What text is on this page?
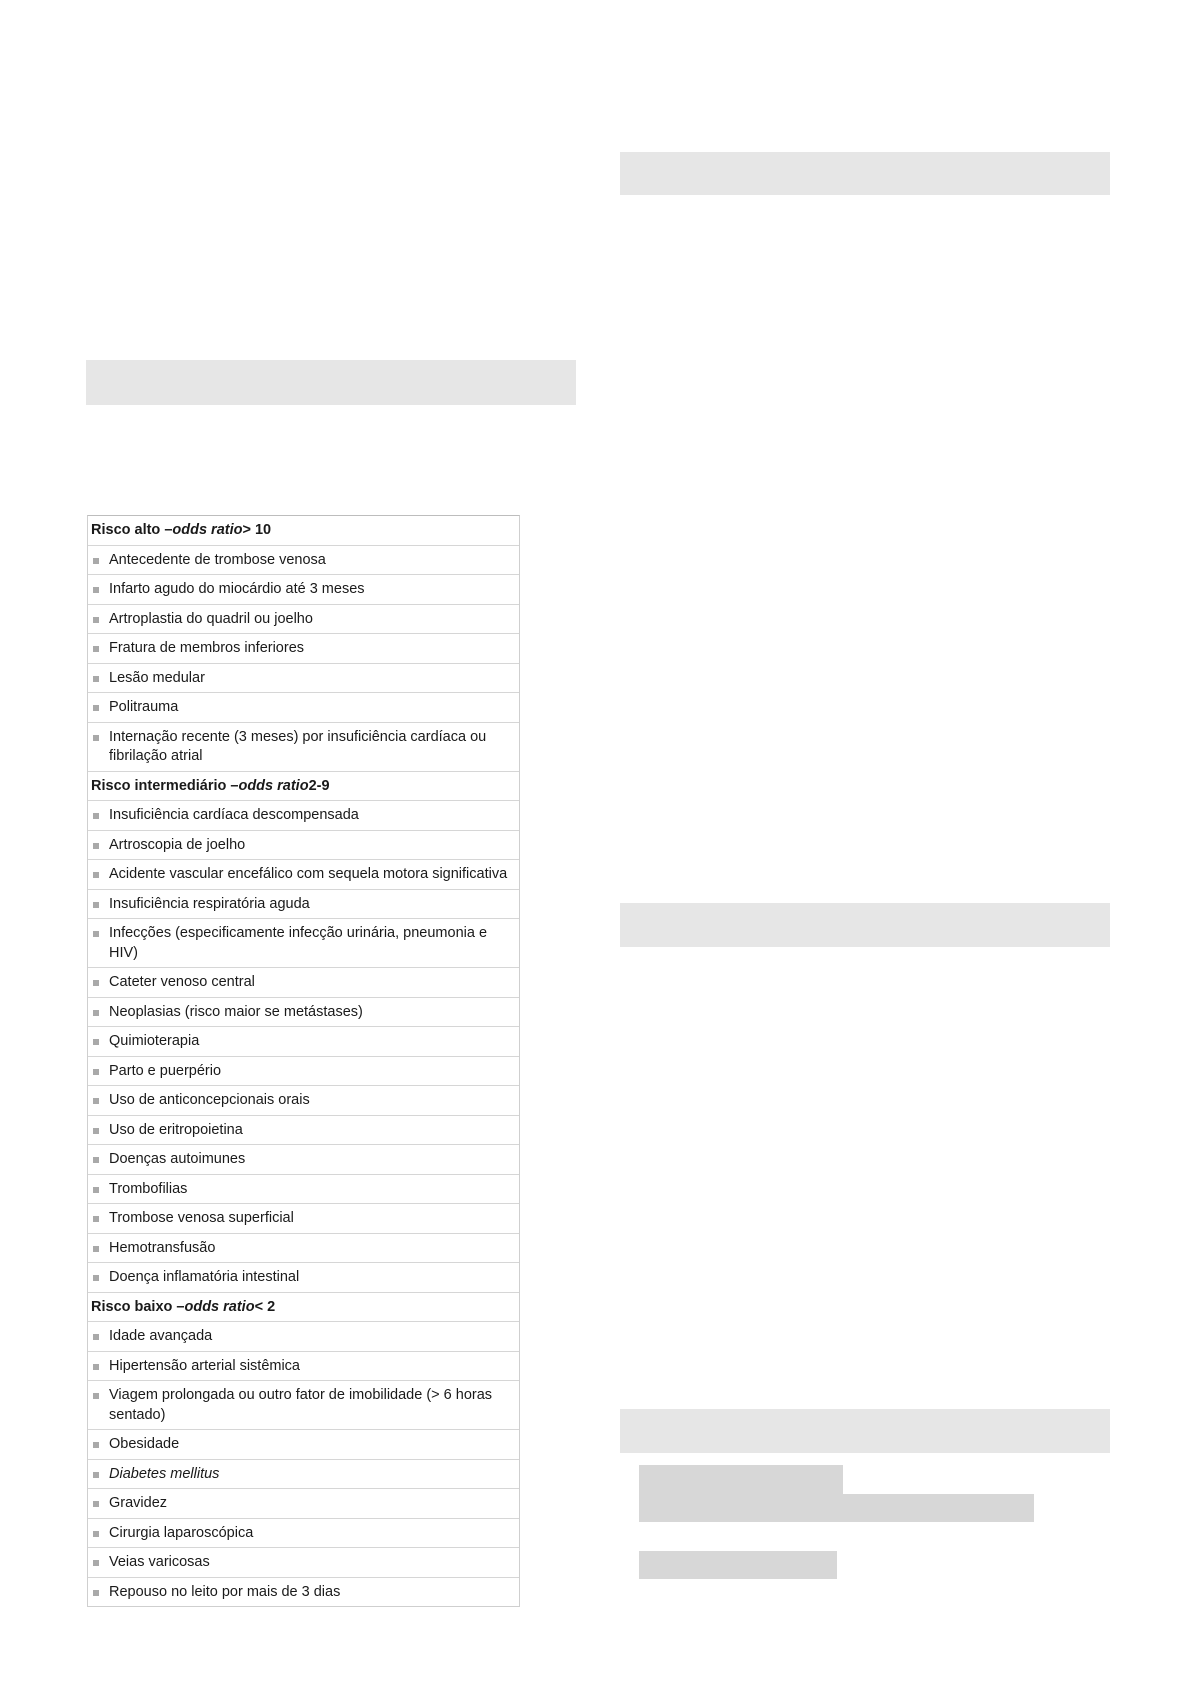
Risco alto – odds ratio > 10
Antecedente de trombose venosa
Infarto agudo do miocárdio até 3 meses
Artroplastia do quadril ou joelho
Fratura de membros inferiores
Lesão medular
Politrauma
Internação recente (3 meses) por insuficiência cardíaca ou fibrilação atrial
Risco intermediário – odds ratio 2-9
Insuficiência cardíaca descompensada
Artroscopia de joelho
Acidente vascular encefálico com sequela motora significativa
Insuficiência respiratória aguda
Infecções (especificamente infecção urinária, pneumonia e HIV)
Cateter venoso central
Neoplasias (risco maior se metástases)
Quimioterapia
Parto e puerpério
Uso de anticoncepcionais orais
Uso de eritropoietina
Doenças autoimunes
Trombofilias
Trombose venosa superficial
Hemotransfusão
Doença inflamatória intestinal
Risco baixo – odds ratio < 2
Idade avançada
Hipertensão arterial sistêmica
Viagem prolongada ou outro fator de imobilidade (> 6 horas sentado)
Obesidade
Diabetes mellitus
Gravidez
Cirurgia laparoscópica
Veias varicosas
Repouso no leito por mais de 3 dias
